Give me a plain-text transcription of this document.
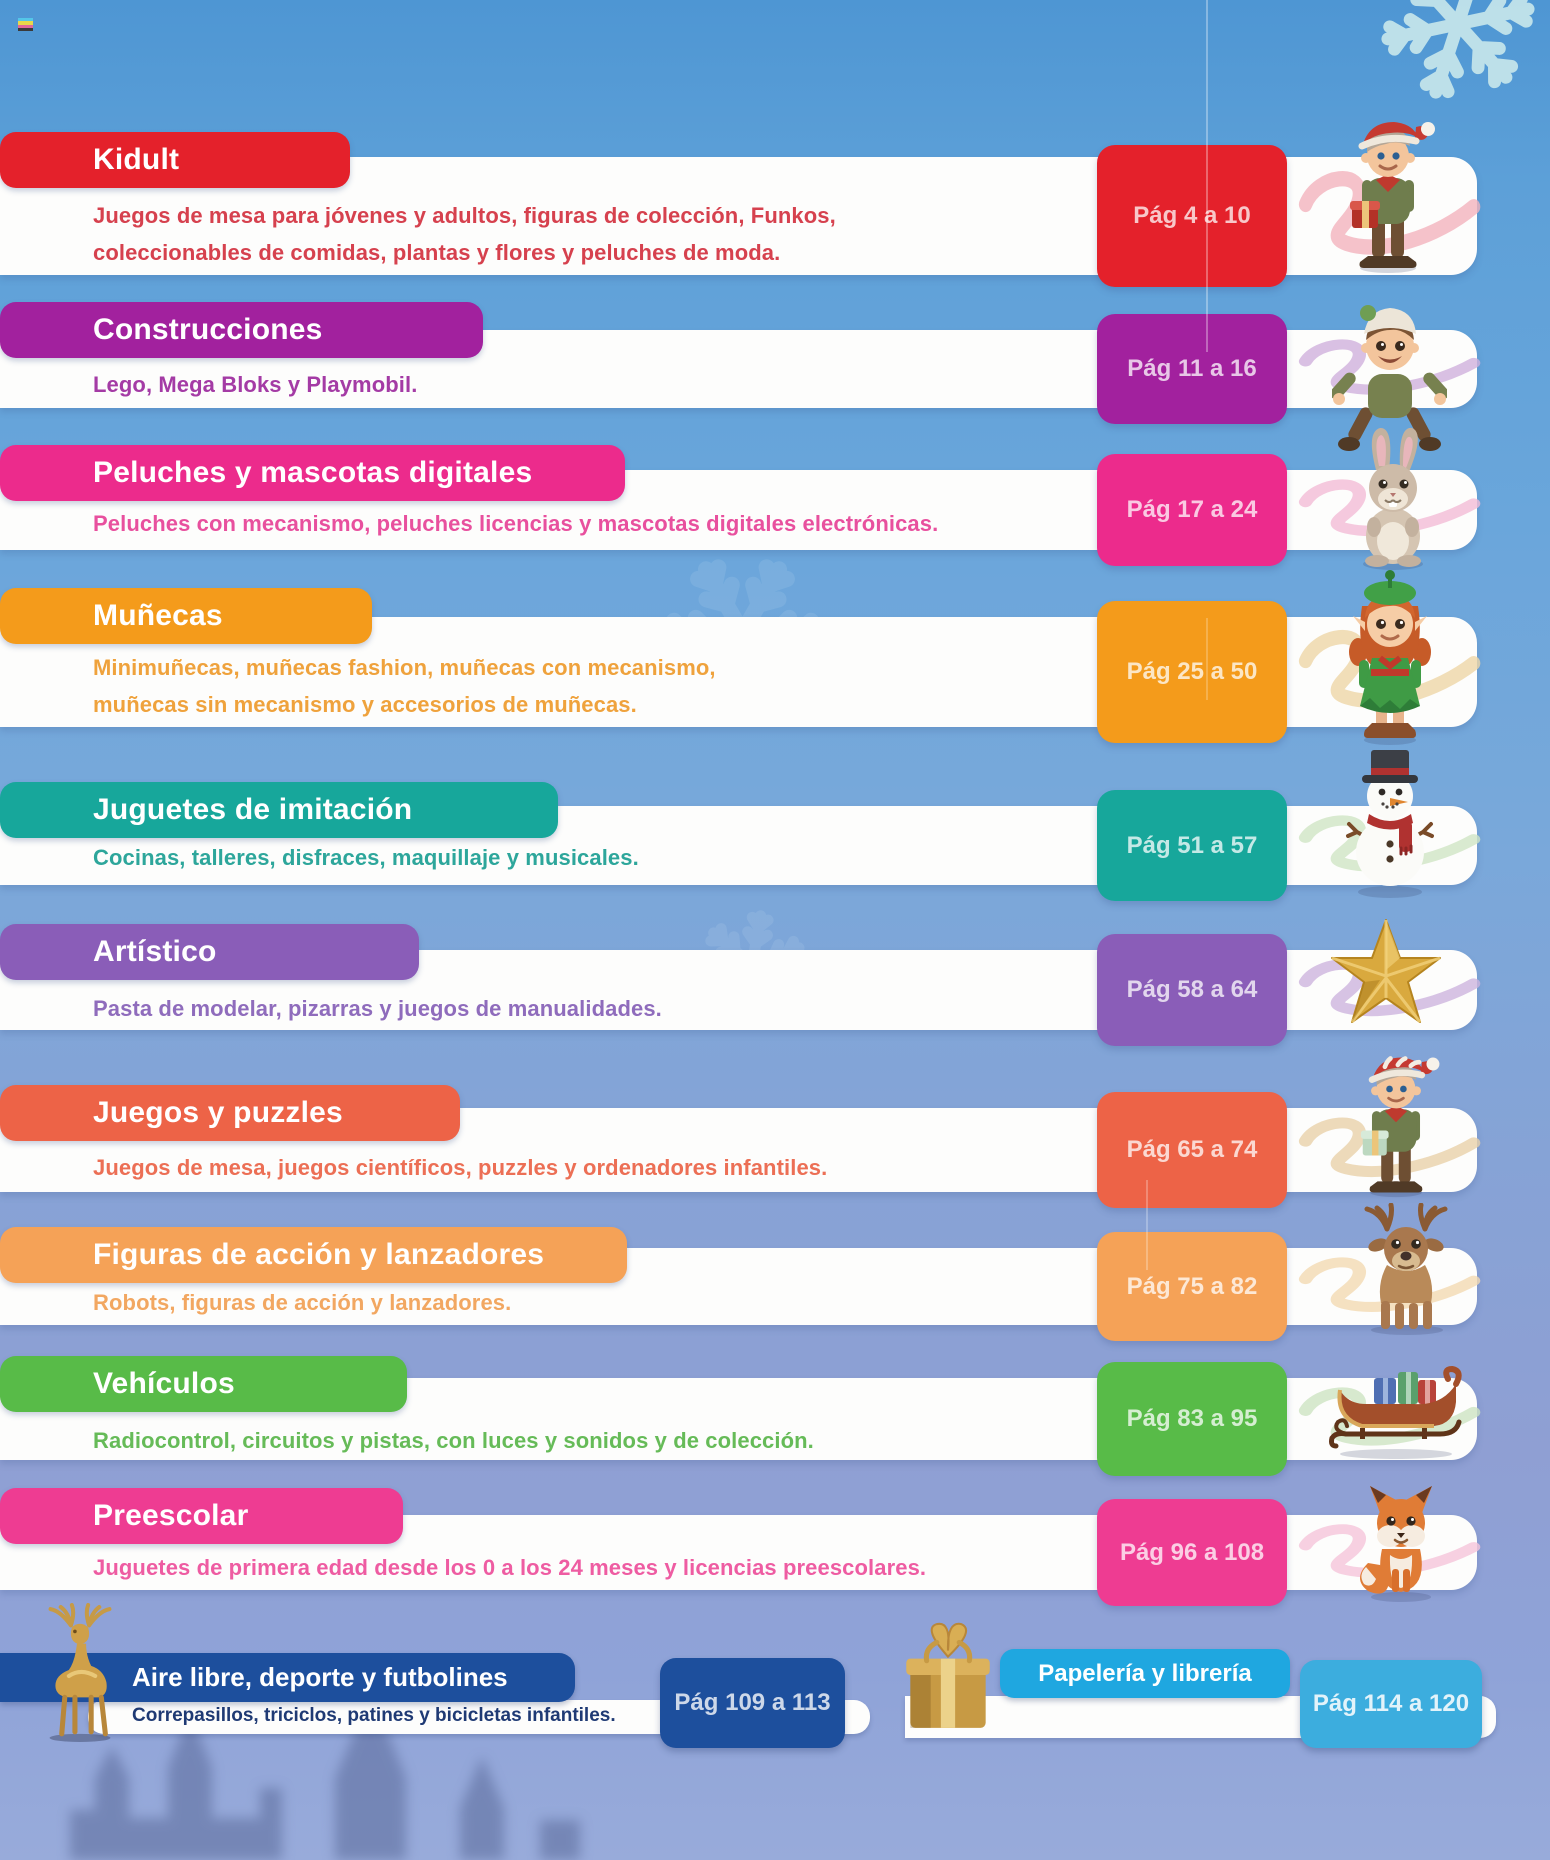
Kidult
Juegos de mesa para jóvenes y adultos, figuras de colección, Funkos,
coleccionables de comidas, plantas y flores y peluches de moda.
Pág 4 a 10
Construcciones
Lego, Mega Bloks y Playmobil.
Pág 11 a 16
Peluches y mascotas digitales
Peluches con mecanismo, peluches licencias y mascotas digitales electrónicas.
Pág 17 a 24
Muñecas
Minimuñecas, muñecas fashion, muñecas con mecanismo,
muñecas sin mecanismo y accesorios de muñecas.
Pág 25 a 50
Juguetes de imitación
Cocinas, talleres, disfraces, maquillaje y musicales.	Pág 51 a 57
Artístico
Pasta de modelar, pizarras y juegos de manualidades.
Pág 58 a 64
Juegos y puzzles
Juegos de mesa, juegos científicos, puzzles y ordenadores infantiles.
Pág 65 a 74
Figuras de acción y lanzadores
Robots, figuras de acción y lanzadores.
Pág 75 a 82
Vehículos
Radiocontrol, circuitos y pistas, con luces y sonidos y de colección.
Pág 83 a 95
Preescolar
Juguetes de primera edad desde los 0 a los 24 meses y licencias preescolares.
Pág 96 a 108
Aire libre, deporte y futbolines
Correpasillos, triciclos, patines y bicicletas infantiles. Pág 109 a 113
Papelería y librería
Pág 114 a 120
